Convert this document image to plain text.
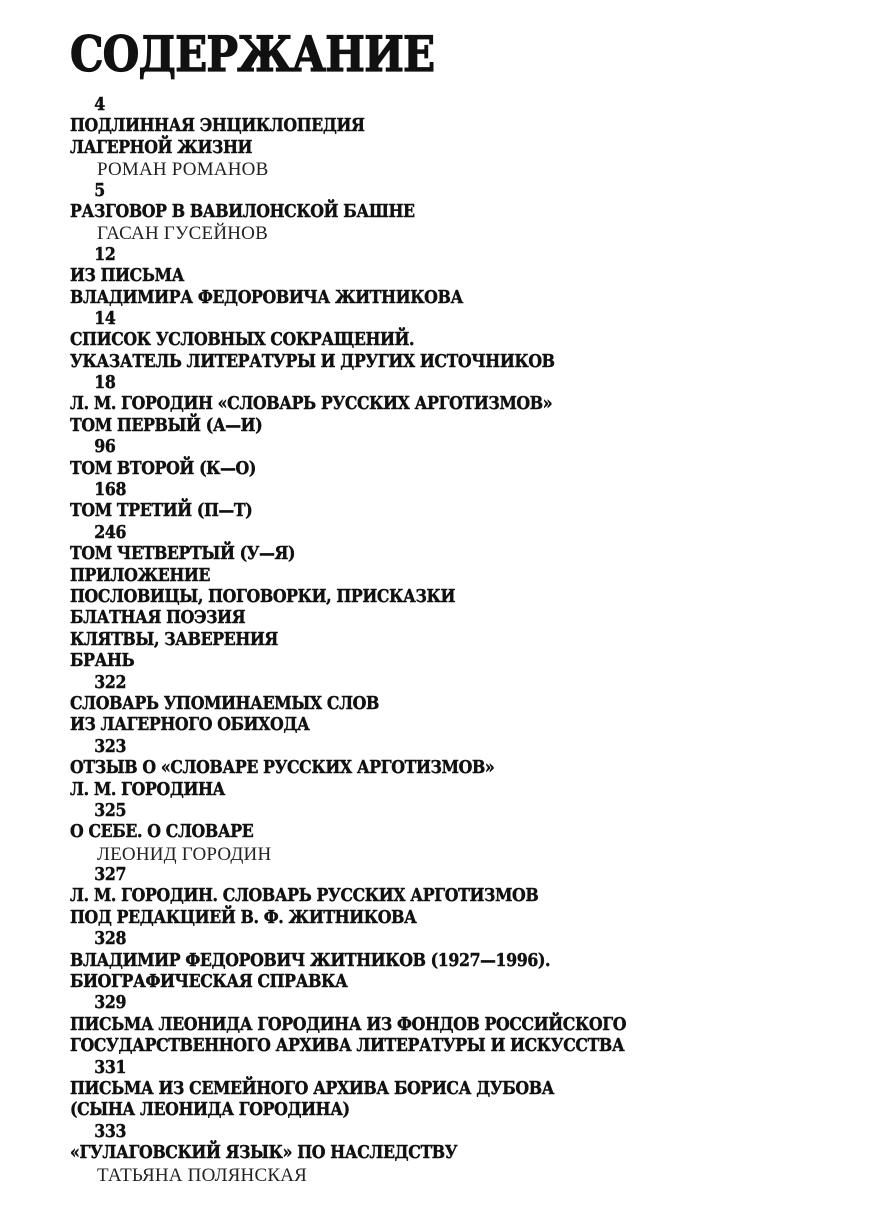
СОДЕРЖАНИЕ
4
ПОДЛИННАЯ ЭНЦИКЛОПЕДИЯ
ЛАГЕРНОЙ ЖИЗНИ
РОМАН РОМАНОВ
5
РАЗГОВОР В ВАВИЛОНСКОЙ БАШНЕ
ГАСАН ГУСЕЙНОВ
12
ИЗ ПИСЬМА
ВЛАДИМИРА ФЕДОРОВИЧА ЖИТНИКОВА
14
СПИСОК УСЛОВНЫХ СОКРАЩЕНИЙ.
УКАЗАТЕЛЬ ЛИТЕРАТУРЫ И ДРУГИХ ИСТОЧНИКОВ
18
Л. М. ГОРОДИН «СЛОВАРЬ РУССКИХ АРГОТИЗМОВ»
ТОМ ПЕРВЫЙ (А—И)
96
ТОМ ВТОРОЙ (К—О)
168
ТОМ ТРЕТИЙ (П—Т)
246
ТОМ ЧЕТВЕРТЫЙ (У—Я)
ПРИЛОЖЕНИЕ
ПОСЛОВИЦЫ, ПОГОВОРКИ, ПРИСКАЗКИ
БЛАТНАЯ ПОЭЗИЯ
КЛЯТВЫ, ЗАВЕРЕНИЯ
БРАНЬ
322
СЛОВАРЬ УПОМИНАЕМЫХ СЛОВ
ИЗ ЛАГЕРНОГО ОБИХОДА
323
ОТЗЫВ О «СЛОВАРЕ РУССКИХ АРГОТИЗМОВ»
Л. М. ГОРОДИНА
325
О СЕБЕ. О СЛОВАРЕ
ЛЕОНИД ГОРОДИН
327
Л. М. ГОРОДИН. СЛОВАРЬ РУССКИХ АРГОТИЗМОВ
ПОД РЕДАКЦИЕЙ В. Ф. ЖИТНИКОВА
328
ВЛАДИМИР ФЕДОРОВИЧ ЖИТНИКОВ (1927—1996).
БИОГРАФИЧЕСКАЯ СПРАВКА
329
ПИСЬМА ЛЕОНИДА ГОРОДИНА ИЗ ФОНДОВ РОССИЙСКОГО
ГОСУДАРСТВЕННОГО АРХИВА ЛИТЕРАТУРЫ И ИСКУССТВА
331
ПИСЬМА ИЗ СЕМЕЙНОГО АРХИВА БОРИСА ДУБОВА
(СЫНА ЛЕОНИДА ГОРОДИНА)
333
«ГУЛАГОВСКИЙ ЯЗЫК» ПО НАСЛЕДСТВУ
ТАТЬЯНА ПОЛЯНСКАЯ
